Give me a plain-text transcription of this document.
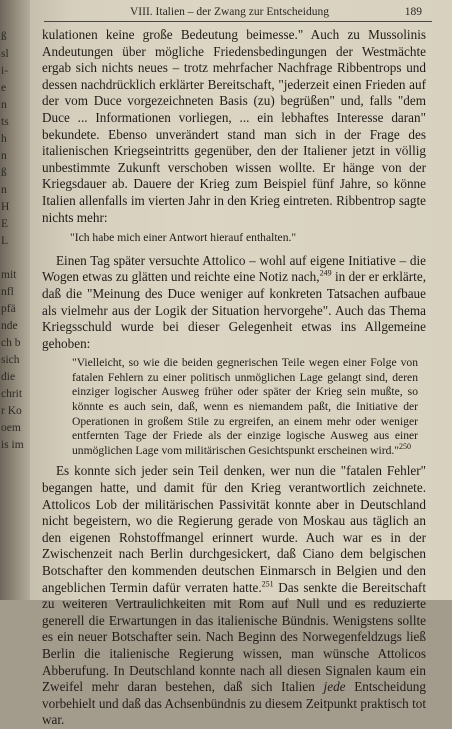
ß
sl
i-
e
n
ts
h
n
ß
n
H
E
L
mit
nfl
pfä
nde
ch b
sich
die
chrit
r Ko
oem
is im
VIII. Italien – der Zwang zur Entscheidung	189

kulationen keine große Bedeutung beimesse." Auch zu Mussolinis Andeutungen über mögliche Friedensbedingungen der Westmächte ergab sich nichts neues – trotz mehrfacher Nachfrage Ribbentrops und dessen nachdrücklich erklärter Bereitschaft, "jederzeit einen Frieden auf der vom Duce vorgezeichneten Basis (zu) begrüßen" und, falls "dem Duce ... Informationen vorliegen, ... ein lebhaftes Interesse daran" bekundete. Ebenso unverändert stand man sich in der Frage des italienischen Kriegseintritts gegenüber, den der Italiener jetzt in völlig unbestimmte Zukunft verschoben wissen wollte. Er hänge von der Kriegsdauer ab. Dauere der Krieg zum Beispiel fünf Jahre, so könne Italien allenfalls im vierten Jahr in den Krieg eintreten. Ribbentrop sagte nichts mehr:

"Ich habe mich einer Antwort hierauf enthalten."

Einen Tag später versuchte Attolico – wohl auf eigene Initiative – die Wogen etwas zu glätten und reichte eine Notiz nach,$^{249}$ in der er erklärte, daß die "Meinung des Duce weniger auf konkreten Tatsachen aufbaue als vielmehr aus der Logik der Situation hervorgehe". Auch das Thema Kriegsschuld wurde bei dieser Gelegenheit etwas ins Allgemeine gehoben:

"Vielleicht, so wie die beiden gegnerischen Teile wegen einer Folge von fatalen Fehlern zu einer politisch unmöglichen Lage gelangt sind, deren einziger logischer Ausweg früher oder später der Krieg sein mußte, so könnte es auch sein, daß, wenn es niemandem paßt, die Initiative der Operationen in großem Stile zu ergreifen, an einem mehr oder weniger entfernten Tage der Friede als der einzige logische Ausweg aus einer unmöglichen Lage vom militärischen Gesichtspunkt erscheinen wird."$^{250}$

Es konnte sich jeder sein Teil denken, wer nun die "fatalen Fehler" begangen hatte, und damit für den Krieg verantwortlich zeichnete. Attolicos Lob der militärischen Passivität konnte aber in Deutschland nicht begeistern, wo die Regierung gerade von Moskau aus täglich an den eigenen Rohstoffmangel erinnert wurde. Auch war es in der Zwischenzeit nach Berlin durchgesickert, daß Ciano dem belgischen Botschafter den kommenden deutschen Einmarsch in Belgien und den angeblichen Termin dafür verraten hatte.$^{251}$ Das senkte die Bereitschaft zu weiteren Vertraulichkeiten mit Rom auf Null und es reduzierte generell die Erwartungen in das italienische Bündnis. Wenigstens sollte es ein neuer Botschafter sein. Nach Beginn des Norwegenfeldzugs ließ Berlin die italienische Regierung wissen, man wünsche Attolicos Abberufung. In Deutschland konnte nach all diesen Signalen kaum ein Zweifel mehr daran bestehen, daß sich Italien jede Entscheidung vorbehielt und daß das Achsenbündnis zu diesem Zeitpunkt praktisch tot war.
